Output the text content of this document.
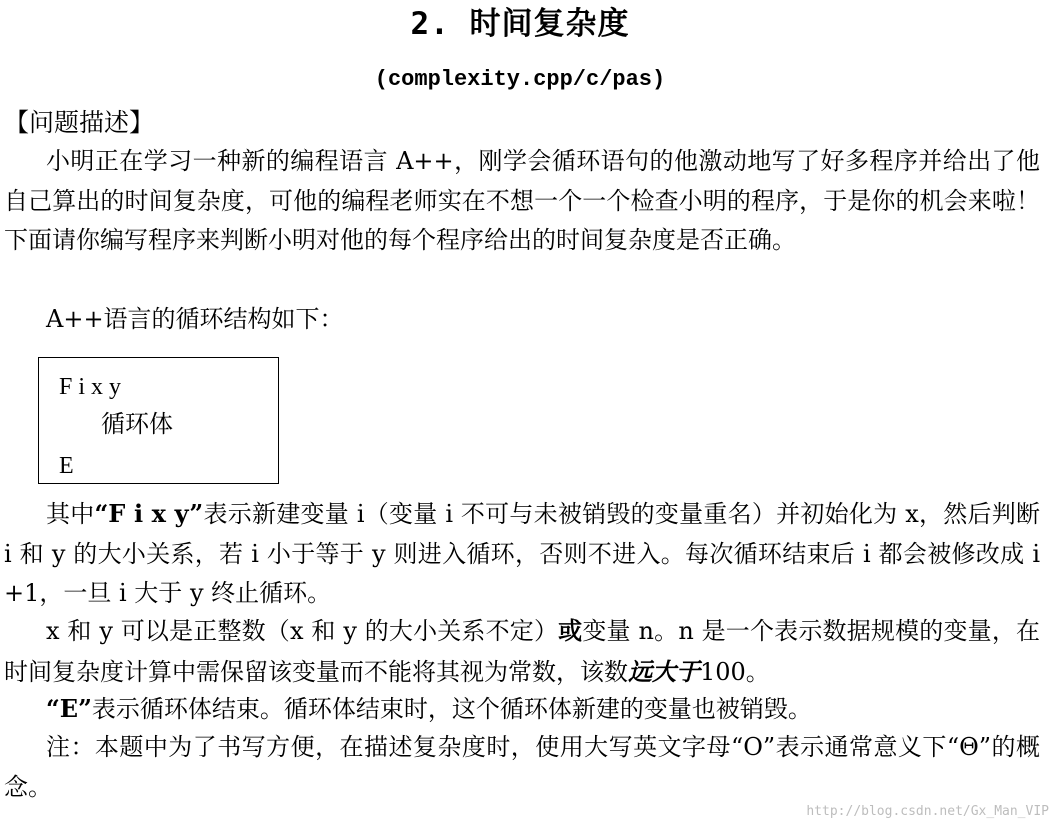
2. 时间复杂度
(complexity.cpp/c/pas)
【问题描述】

小明正在学习一种新的编程语言 A++，刚学会循环语句的他激动地写了好多程序并给出了他自己算出的时间复杂度，可他的编程老师实在不想一个一个检查小明的程序，于是你的机会来啦！下面请你编写程序来判断小明对他的每个程序给出的时间复杂度是否正确。

A++语言的循环结构如下：

F i x y
循环体
E

其中“F i x y”表示新建变量 i（变量 i 不可与未被销毁的变量重名）并初始化为 x，然后判断 i 和 y 的大小关系，若 i 小于等于 y 则进入循环，否则不进入。每次循环结束后 i 都会被修改成 i +1，一旦 i 大于 y 终止循环。

x 和 y 可以是正整数（x 和 y 的大小关系不定）或变量 n。n 是一个表示数据规模的变量，在时间复杂度计算中需保留该变量而不能将其视为常数，该数远大于100。

“E”表示循环体结束。循环体结束时，这个循环体新建的变量也被销毁。

注：本题中为了书写方便，在描述复杂度时，使用大写英文字母“O”表示通常意义下“Θ”的概念。

http://blog.csdn.net/Gx_Man_VIP
